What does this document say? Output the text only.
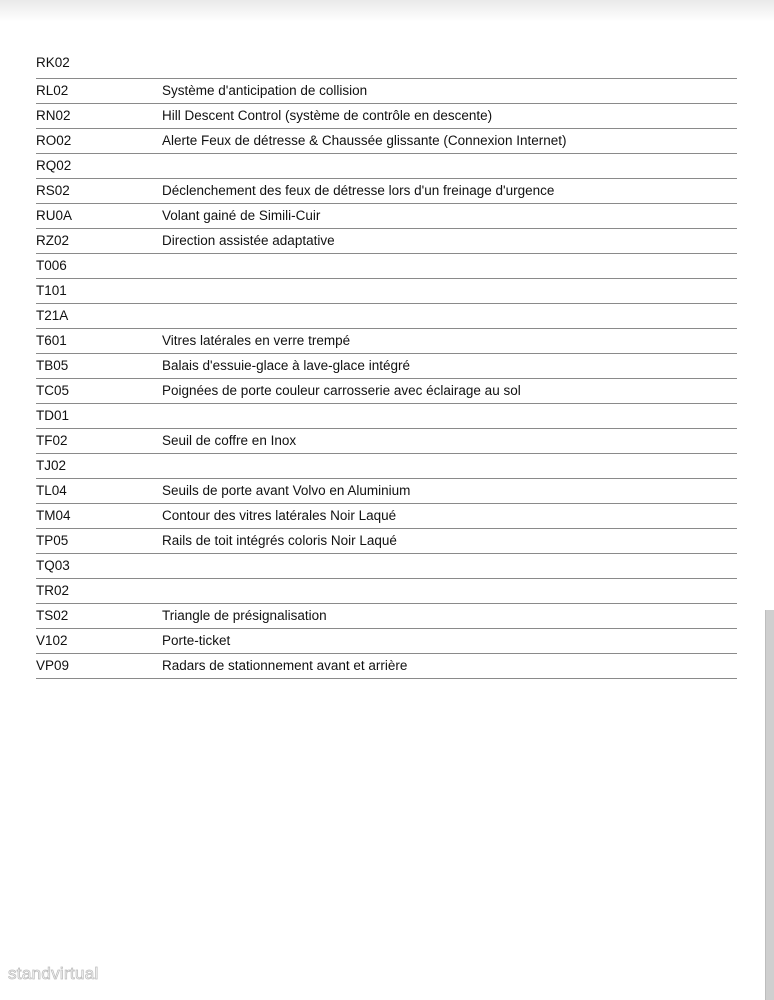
RK02	
RL02	Système d'anticipation de collision
RN02	Hill Descent Control (système de contrôle en descente)
RO02	Alerte Feux de détresse & Chaussée glissante (Connexion Internet)
RQ02	
RS02	Déclenchement des feux de détresse lors d'un freinage d'urgence
RU0A	Volant gainé de Simili-Cuir
RZ02	Direction assistée adaptative
T006	
T101	
T21A	
T601	Vitres latérales en verre trempé
TB05	Balais d'essuie-glace à lave-glace intégré
TC05	Poignées de porte couleur carrosserie avec éclairage au sol
TD01	
TF02	Seuil de coffre en Inox
TJ02	
TL04	Seuils de porte avant Volvo en Aluminium
TM04	Contour des vitres latérales Noir Laqué
TP05	Rails de toit intégrés coloris Noir Laqué
TQ03	
TR02	
TS02	Triangle de présignalisation
V102	Porte-ticket
VP09	Radars de stationnement avant et arrière
standvirtual
